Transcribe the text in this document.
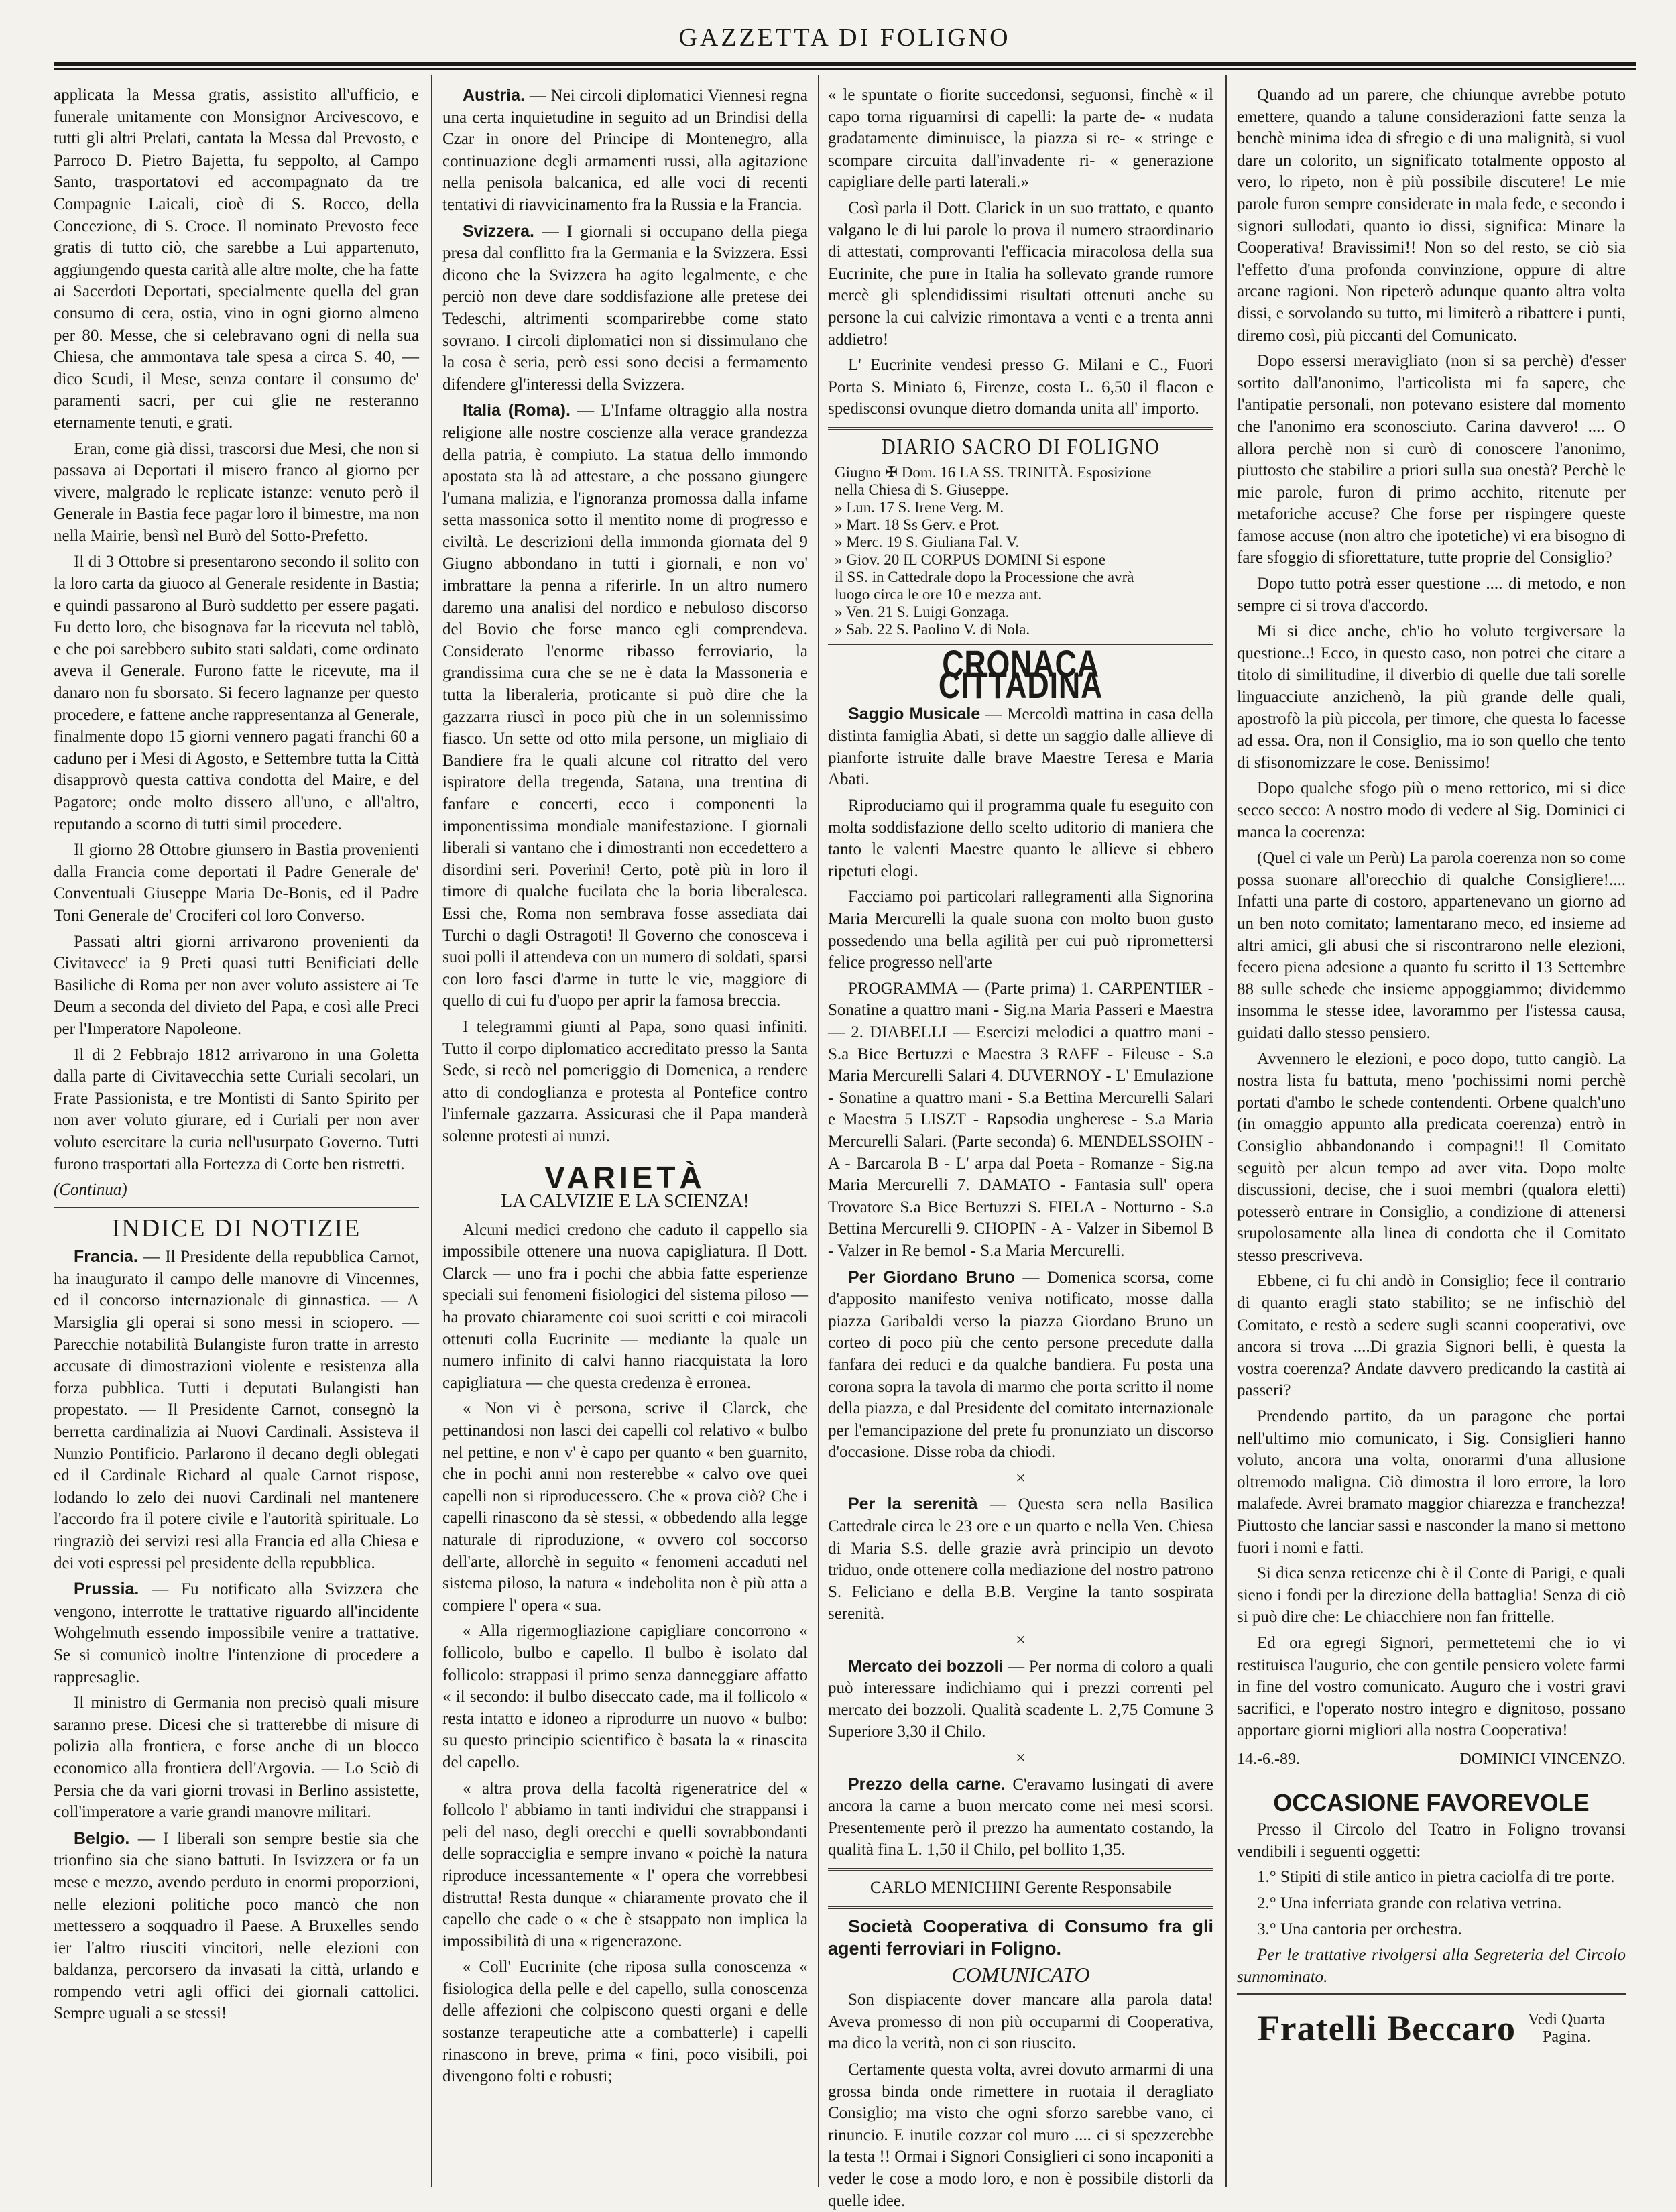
GAZZETTA DI FOLIGNO

applicata la Messa gratis, assistito all'ufficio, e funerale unitamente con Monsignor Arcivescovo, e tutti gli altri Prelati, cantata la Messa dal Prevosto, e Parroco D. Pietro Bajetta, fu seppolto, al Campo Santo, trasportatovi ed accompagnato da tre Compagnie Laicali, cioè di S. Rocco, della Concezione, di S. Croce. Il nominato Prevosto fece gratis di tutto ciò, che sarebbe a Lui appartenuto, aggiungendo questa carità alle altre molte, che ha fatte ai Sacerdoti Deportati, specialmente quella del gran consumo di cera, ostia, vino in ogni giorno almeno per 80. Messe, che si celebravano ogni di nella sua Chiesa, che ammontava tale spesa a circa S. 40, — dico Scudi, il Mese, senza contare il consumo de' paramenti sacri, per cui glie ne resteranno eternamente tenuti, e grati.

Eran, come già dissi, trascorsi due Mesi, che non si passava ai Deportati il misero franco al giorno per vivere, malgrado le replicate istanze: venuto però il Generale in Bastia fece pagar loro il bimestre, ma non nella Mairie, bensì nel Burò del Sotto-Prefetto.

Il di 3 Ottobre si presentarono secondo il solito con la loro carta da giuoco al Generale residente in Bastia; e quindi passarono al Burò suddetto per essere pagati. Fu detto loro, che bisognava far la ricevuta nel tablò, e che poi sarebbero subito stati saldati, come ordinato aveva il Generale. Furono fatte le ricevute, ma il danaro non fu sborsato. Si fecero lagnanze per questo procedere, e fattene anche rappresentanza al Generale, finalmente dopo 15 giorni vennero pagati franchi 60 a caduno per i Mesi di Agosto, e Settembre tutta la Città disapprovò questa cattiva condotta del Maire, e del Pagatore; onde molto dissero all'uno, e all'altro, reputando a scorno di tutti simil procedere.

Il giorno 28 Ottobre giunsero in Bastia provenienti dalla Francia come deportati il Padre Generale de' Conventuali Giuseppe Maria De-Bonis, ed il Padre Toni Generale de' Crociferi col loro Converso.

Passati altri giorni arrivarono provenienti da Civitavecc' ia 9 Preti quasi tutti Benificiati delle Basiliche di Roma per non aver voluto assistere ai Te Deum a seconda del divieto del Papa, e così alle Preci per l'Imperatore Napoleone.

Il di 2 Febbrajo 1812 arrivarono in una Goletta dalla parte di Civitavecchia sette Curiali secolari, un Frate Passionista, e tre Montisti di Santo Spirito per non aver voluto giurare, ed i Curiali per non aver voluto esercitare la curia nell'usurpato Governo. Tutti furono trasportati alla Fortezza di Corte ben ristretti.

(Continua)

INDICE DI NOTIZIE

Francia. — Il Presidente della repubblica Carnot, ha inaugurato il campo delle manovre di Vincennes, ed il concorso internazionale di ginnastica. — A Marsiglia gli operai si sono messi in sciopero. — Parecchie notabilità Bulangiste furon tratte in arresto accusate di dimostrazioni violente e resistenza alla forza pubblica. Tutti i deputati Bulangisti han propestato. — Il Presidente Carnot, consegnò la berretta cardinalizia ai Nuovi Cardinali. Assisteva il Nunzio Pontificio. Parlarono il decano degli oblegati ed il Cardinale Richard al quale Carnot rispose, lodando lo zelo dei nuovi Cardinali nel mantenere l'accordo fra il potere civile e l'autorità spirituale. Lo ringraziò dei servizi resi alla Francia ed alla Chiesa e dei voti espressi pel presidente della repubblica.

Prussia. — Fu notificato alla Svizzera che vengono, interrotte le trattative riguardo all'incidente Wohgelmuth essendo impossibile venire a trattative. Se si comunicò inoltre l'intenzione di procedere a rappresaglie.

Il ministro di Germania non precisò quali misure saranno prese. Dicesi che si tratterebbe di misure di polizia alla frontiera, e forse anche di un blocco economico alla frontiera dell'Argovia. — Lo Sciò di Persia che da vari giorni trovasi in Berlino assistette, coll'imperatore a varie grandi manovre militari.

Belgio. — I liberali son sempre bestie sia che trionfino sia che siano battuti. In Isvizzera or fa un mese e mezzo, avendo perduto in enormi proporzioni, nelle elezioni politiche poco mancò che non mettessero a soqquadro il Paese. A Bruxelles sendo ier l'altro riusciti vincitori, nelle elezioni con baldanza, percorsero da invasati la città, urlando e rompendo vetri agli offici dei giornali cattolici. Sempre uguali a se stessi!

Austria. — Nei circoli diplomatici Viennesi regna una certa inquietudine in seguito ad un Brindisi della Czar in onore del Principe di Montenegro, alla continuazione degli armamenti russi, alla agitazione nella penisola balcanica, ed alle voci di recenti tentativi di riavvicinamento fra la Russia e la Francia.

Svizzera. — I giornali si occupano della piega presa dal conflitto fra la Germania e la Svizzera. Essi dicono che la Svizzera ha agito legalmente, e che perciò non deve dare soddisfazione alle pretese dei Tedeschi, altrimenti scomparirebbe come stato sovrano. I circoli diplomatici non si dissimulano che la cosa è seria, però essi sono decisi a fermamento difendere gl'interessi della Svizzera.

Italia (Roma). — L'Infame oltraggio alla nostra religione alle nostre coscienze alla verace grandezza della patria, è compiuto. La statua dello immondo apostata sta là ad attestare, a che possano giungere l'umana malizia, e l'ignoranza promossa dalla infame setta massonica sotto il mentito nome di progresso e civiltà. Le descrizioni della immonda giornata del 9 Giugno abbondano in tutti i giornali, e non vo' imbrattare la penna a riferirle. In un altro numero daremo una analisi del nordico e nebuloso discorso del Bovio che forse manco egli comprendeva. Considerato l'enorme ribasso ferroviario, la grandissima cura che se ne è data la Massoneria e tutta la liberaleria, proticante si può dire che la gazzarra riuscì in poco più che in un solennissimo fiasco. Un sette od otto mila persone, un migliaio di Bandiere fra le quali alcune col ritratto del vero ispiratore della tregenda, Satana, una trentina di fanfare e concerti, ecco i componenti la imponentissima mondiale manifestazione. I giornali liberali si vantano che i dimostranti non eccedettero a disordini seri. Poverini! Certo, potè più in loro il timore di qualche fucilata che la boria liberalesca. Essi che, Roma non sembrava fosse assediata dai Turchi o dagli Ostragoti! Il Governo che conosceva i suoi polli il attendeva con un numero di soldati, sparsi con loro fasci d'arme in tutte le vie, maggiore di quello di cui fu d'uopo per aprir la famosa breccia.

I telegrammi giunti al Papa, sono quasi infiniti. Tutto il corpo diplomatico accreditato presso la Santa Sede, si recò nel pomeriggio di Domenica, a rendere atto di condoglianza e protesta al Pontefice contro l'infernale gazzarra. Assicurasi che il Papa manderà solenne protesti ai nunzi.

VARIETÀ
LA CALVIZIE E LA SCIENZA!

Alcuni medici credono che caduto il cappello sia impossibile ottenere una nuova capigliatura. Il Dott. Clarck — uno fra i pochi che abbia fatte esperienze speciali sui fenomeni fisiologici del sistema piloso — ha provato chiaramente coi suoi scritti e coi miracoli ottenuti colla Eucrinite — mediante la quale un numero infinito di calvi hanno riacquistata la loro capigliatura — che questa credenza è erronea.

« Non vi è persona, scrive il Clarck, che pettinandosi non lasci dei capelli col relativo « bulbo nel pettine, e non v' è capo per quanto « ben guarnito, che in pochi anni non resterebbe « calvo ove quei capelli non si riproducessero. Che « prova ciò? Che i capelli rinascono da sè stessi, « obbedendo alla legge naturale di riproduzione, « ovvero col soccorso dell'arte, allorchè in seguito « fenomeni accaduti nel sistema piloso, la natura « indebolita non è più atta a compiere l' opera « sua.

« Alla rigermogliazione capigliare concorrono « follicolo, bulbo e capello. Il bulbo è isolato dal follicolo: strappasi il primo senza danneggiare affatto « il secondo: il bulbo diseccato cade, ma il follicolo « resta intatto e idoneo a riprodurre un nuovo « bulbo: su questo principio scientifico è basata la « rinascita del capello.

« altra prova della facoltà rigeneratrice del « follcolo l' abbiamo in tanti individui che strappansi i peli del naso, degli orecchi e quelli sovrabbondanti delle sopracciglia e sempre invano « poichè la natura riproduce incessantemente « l' opera che vorrebbesi distrutta! Resta dunque « chiaramente provato che il capello che cade o « che è stsappato non implica la impossibilità di una « rigenerazone.

« Coll' Eucrinite (che riposa sulla conoscenza « fisiologica della pelle e del capello, sulla conoscenza delle affezioni che colpiscono questi organi e delle sostanze terapeutiche atte a combatterle) i capelli rinascono in breve, prima « fini, poco visibili, poi divengono folti e robusti;

« le spuntate o fiorite succedonsi, seguonsi, finchè « il capo torna riguarnirsi di capelli: la parte de- « nudata gradatamente diminuisce, la piazza si re- « stringe e scompare circuita dall'invadente ri- « generazione capigliare delle parti laterali.»

Così parla il Dott. Clarick in un suo trattato, e quanto valgano le di lui parole lo prova il numero straordinario di attestati, comprovanti l'efficacia miracolosa della sua Eucrinite, che pure in Italia ha sollevato grande rumore mercè gli splendidissimi risultati ottenuti anche su persone la cui calvizie rimontava a venti e a trenta anni addietro!

L' Eucrinite vendesi presso G. Milani e C., Fuori Porta S. Miniato 6, Firenze, costa L. 6,50 il flacon e spedisconsi ovunque dietro domanda unita all' importo.

DIARIO SACRO DI FOLIGNO
Giugno ✠ Dom. 16 LA SS. TRINITÀ. Esposizione
nella Chiesa di S. Giuseppe.
» Lun. 17 S. Irene Verg. M.
» Mart. 18 Ss Gerv. e Prot.
» Merc. 19 S. Giuliana Fal. V.
» Giov. 20 IL CORPUS DOMINI Si espone
il SS. in Cattedrale dopo la Processione che avrà
luogo circa le ore 10 e mezza ant.
» Ven. 21 S. Luigi Gonzaga.
» Sab. 22 S. Paolino V. di Nola.
CRONACA CITTADINA

Saggio Musicale — Mercoldì mattina in casa della distinta famiglia Abati, si dette un saggio dalle allieve di pianforte istruite dalle brave Maestre Teresa e Maria Abati.

Riproduciamo qui il programma quale fu eseguito con molta soddisfazione dello scelto uditorio di maniera che tanto le valenti Maestre quanto le allieve si ebbero ripetuti elogi.

Facciamo poi particolari rallegramenti alla Signorina Maria Mercurelli la quale suona con molto buon gusto possedendo una bella agilità per cui può ripromettersi felice progresso nell'arte

PROGRAMMA — (Parte prima) 1. CARPENTIER - Sonatine a quattro mani - Sig.na Maria Passeri e Maestra — 2. DIABELLI — Esercizi melodici a quattro mani - S.a Bice Bertuzzi e Maestra 3 RAFF - Fileuse - S.a Maria Mercurelli Salari 4. DUVERNOY - L' Emulazione - Sonatine a quattro mani - S.a Bettina Mercurelli Salari e Maestra 5 LISZT - Rapsodia ungherese - S.a Maria Mercurelli Salari. (Parte seconda) 6. MENDELSSOHN - A - Barcarola B - L' arpa dal Poeta - Romanze - Sig.na Maria Mercurelli 7. DAMATO - Fantasia sull' opera Trovatore S.a Bice Bertuzzi S. FIELA - Notturno - S.a Bettina Mercurelli 9. CHOPIN - A - Valzer in Sibemol B - Valzer in Re bemol - S.a Maria Mercurelli.

Per Giordano Bruno — Domenica scorsa, come d'apposito manifesto veniva notificato, mosse dalla piazza Garibaldi verso la piazza Giordano Bruno un corteo di poco più che cento persone precedute dalla fanfara dei reduci e da qualche bandiera. Fu posta una corona sopra la tavola di marmo che porta scritto il nome della piazza, e dal Presidente del comitato internazionale per l'emancipazione del prete fu pronunziato un discorso d'occasione. Disse roba da chiodi.

×

Per la serenità — Questa sera nella Basilica Cattedrale circa le 23 ore e un quarto e nella Ven. Chiesa di Maria S.S. delle grazie avrà principio un devoto triduo, onde ottenere colla mediazione del nostro patrono S. Feliciano e della B.B. Vergine la tanto sospirata serenità.

×

Mercato dei bozzoli — Per norma di coloro a quali può interessare indichiamo qui i prezzi correnti pel mercato dei bozzoli. Qualità scadente L. 2,75 Comune 3 Superiore 3,30 il Chilo.

×

Prezzo della carne. C'eravamo lusingati di avere ancora la carne a buon mercato come nei mesi scorsi. Presentemente però il prezzo ha aumentato costando, la qualità fina L. 1,50 il Chilo, pel bollito 1,35.

CARLO MENICHINI Gerente Responsabile

Società Cooperativa di Consumo fra gli agenti ferroviari in Foligno.

COMUNICATO

Son dispiacente dover mancare alla parola data! Aveva promesso di non più occuparmi di Cooperativa, ma dico la verità, non ci son riuscito.

Certamente questa volta, avrei dovuto armarmi di una grossa binda onde rimettere in ruotaia il deragliato Consiglio; ma visto che ogni sforzo sarebbe vano, ci rinuncio. E inutile cozzar col muro .... ci si spezzerebbe la testa !! Ormai i Signori Consiglieri ci sono incaponiti a veder le cose a modo loro, e non è possibile distorli da quelle idee.

Quando ad un parere, che chiunque avrebbe potuto emettere, quando a talune considerazioni fatte senza la benchè minima idea di sfregio e di una malignità, si vuol dare un colorito, un significato totalmente opposto al vero, lo ripeto, non è più possibile discutere! Le mie parole furon sempre considerate in mala fede, e secondo i signori sullodati, quanto io dissi, significa: Minare la Cooperativa! Bravissimi!! Non so del resto, se ciò sia l'effetto d'una profonda convinzione, oppure di altre arcane ragioni. Non ripeterò adunque quanto altra volta dissi, e sorvolando su tutto, mi limiterò a ribattere i punti, diremo così, più piccanti del Comunicato.

Dopo essersi meravigliato (non si sa perchè) d'esser sortito dall'anonimo, l'articolista mi fa sapere, che l'antipatie personali, non potevano esistere dal momento che l'anonimo era sconosciuto. Carina davvero! .... O allora perchè non si curò di conoscere l'anonimo, piuttosto che stabilire a priori sulla sua onestà? Perchè le mie parole, furon di primo acchito, ritenute per metaforiche accuse? Che forse per rispingere queste famose accuse (non altro che ipotetiche) vi era bisogno di fare sfoggio di sfiorettature, tutte proprie del Consiglio?

Dopo tutto potrà esser questione .... di metodo, e non sempre ci si trova d'accordo.

Mi si dice anche, ch'io ho voluto tergiversare la questione..! Ecco, in questo caso, non potrei che citare a titolo di similitudine, il diverbio di quelle due tali sorelle linguacciute anzichenò, la più grande delle quali, apostrofò la più piccola, per timore, che questa lo facesse ad essa. Ora, non il Consiglio, ma io son quello che tento di sfisonomizzare le cose. Benissimo!

Dopo qualche sfogo più o meno rettorico, mi si dice secco secco: A nostro modo di vedere al Sig. Dominici ci manca la coerenza:

(Quel ci vale un Perù) La parola coerenza non so come possa suonare all'orecchio di qualche Consigliere!.... Infatti una parte di costoro, appartenevano un giorno ad un ben noto comitato; lamentarano meco, ed insieme ad altri amici, gli abusi che si riscontrarono nelle elezioni, fecero piena adesione a quanto fu scritto il 13 Settembre 88 sulle schede che insieme appoggiammo; dividemmo insomma le stesse idee, lavorammo per l'istessa causa, guidati dallo stesso pensiero.

Avvennero le elezioni, e poco dopo, tutto cangiò. La nostra lista fu battuta, meno 'pochissimi nomi perchè portati d'ambo le schede contendenti. Orbene qualch'uno (in omaggio appunto alla predicata coerenza) entrò in Consiglio abbandonando i compagni!! Il Comitato seguitò per alcun tempo ad aver vita. Dopo molte discussioni, decise, che i suoi membri (qualora eletti) potesserò entrare in Consiglio, a condizione di attenersi srupolosamente alla linea di condotta che il Comitato stesso prescriveva.

Ebbene, ci fu chi andò in Consiglio; fece il contrario di quanto eragli stato stabilito; se ne infischiò del Comitato, e restò a sedere sugli scanni cooperativi, ove ancora si trova ....Di grazia Signori belli, è questa la vostra coerenza? Andate davvero predicando la castità ai passeri?

Prendendo partito, da un paragone che portai nell'ultimo mio comunicato, i Sig. Consiglieri hanno voluto, ancora una volta, onorarmi d'una allusione oltremodo maligna. Ciò dimostra il loro errore, la loro malafede. Avrei bramato maggior chiarezza e franchezza! Piuttosto che lanciar sassi e nasconder la mano si mettono fuori i nomi e fatti.

Si dica senza reticenze chi è il Conte di Parigi, e quali sieno i fondi per la direzione della battaglia! Senza di ciò si può dire che: Le chiacchiere non fan frittelle.

Ed ora egregi Signori, permettetemi che io vi restituisca l'augurio, che con gentile pensiero volete farmi in fine del vostro comunicato. Auguro che i vostri gravi sacrifici, e l'operato nostro integro e dignitoso, possano apportare giorni migliori alla nostra Cooperativa!

14.-6.-89.	DOMINICI VINCENZO.
OCCASIONE FAVOREVOLE

Presso il Circolo del Teatro in Foligno trovansi vendibili i seguenti oggetti:

1.° Stipiti di stile antico in pietra caciolfa di tre porte.

2.° Una inferriata grande con relativa vetrina.

3.° Una cantoria per orchestra.

Per le trattative rivolgersi alla Segreteria del Circolo sunnominato.

Fratelli Beccaro Vedi Quarta
Pagina.
